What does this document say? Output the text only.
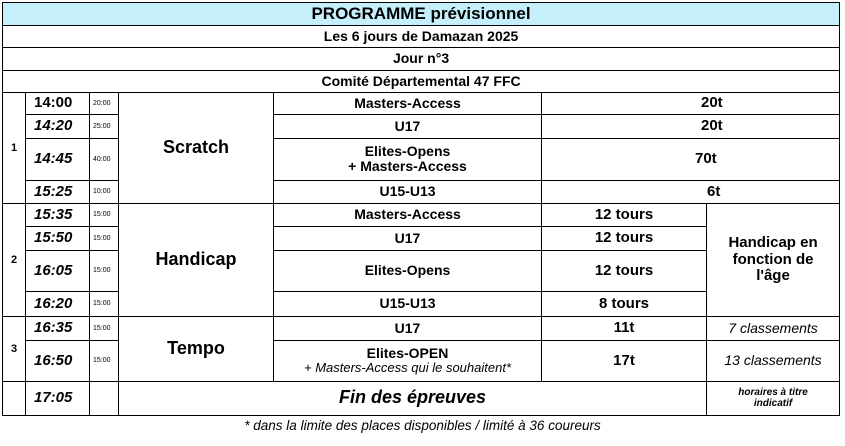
PROGRAMME prévisionnel						
Les 6 jours de Damazan 2025						
Jour n°3						
Comité Départemental 47 FFC						
1	14:00	20:00	Scratch	Masters-Access	20t	
	14:20	25:00		U17	20t	
	14:45	40:00		Elites-Opens
+ Masters-Access	70t	
	15:25	10:00		U15-U13	6t	
2	15:35	15:00	Handicap	Masters-Access	12 tours	Handicap en fonction de l'âge
	15:50	15:00		U17	12 tours	
	16:05	15:00		Elites-Opens	12 tours	
	16:20	15:00		U15-U13	8 tours	
3	16:35	15:00	Tempo	U17	11t	7 classements
	16:50	15:00		Elites-OPEN
+ Masters-Access qui le souhaitent*	17t	13 classements
	17:05		Fin des épreuves			horaires à titre indicatif
* dans la limite des places disponibles / limité à 36 coureurs
